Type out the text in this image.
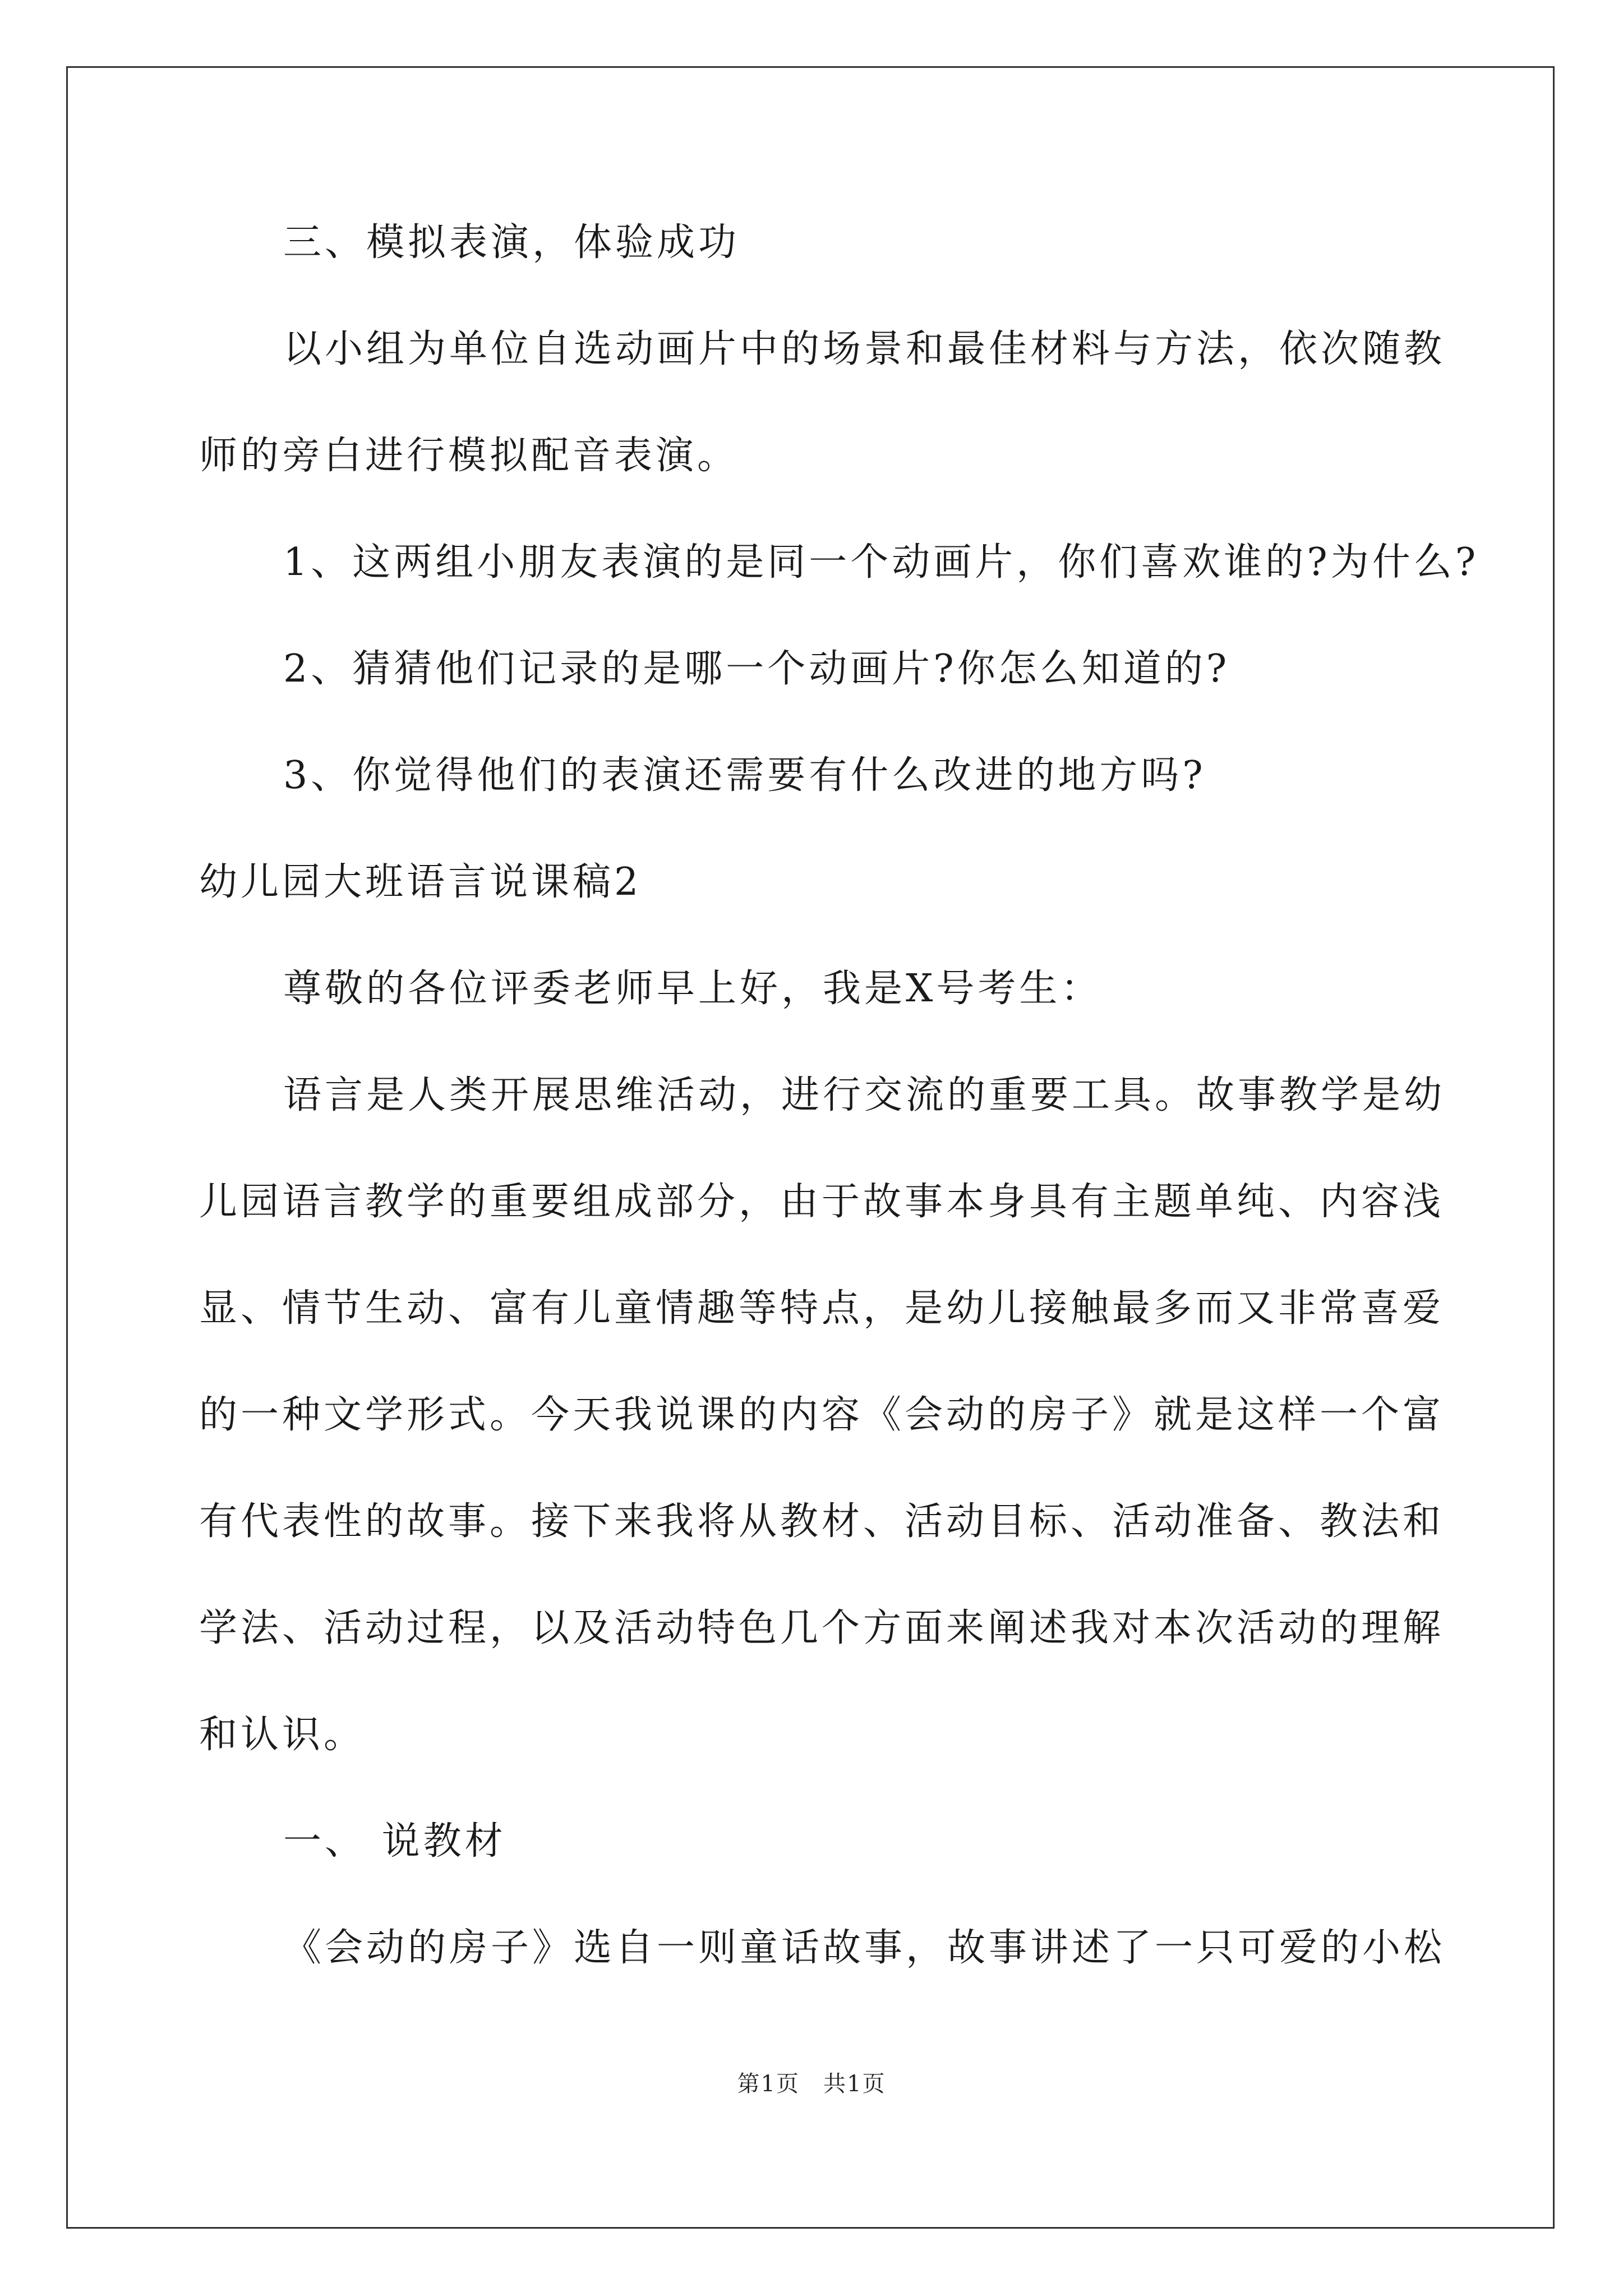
三、模拟表演，体验成功
以小组为单位自选动画片中的场景和最佳材料与方法，依次随教
师的旁白进行模拟配音表演。
1、这两组小朋友表演的是同一个动画片，你们喜欢谁的?为什么?
2、猜猜他们记录的是哪一个动画片?你怎么知道的?
3、你觉得他们的表演还需要有什么改进的地方吗?
幼儿园大班语言说课稿2
尊敬的各位评委老师早上好，我是X号考生：
语言是人类开展思维活动，进行交流的重要工具。故事教学是幼
儿园语言教学的重要组成部分，由于故事本身具有主题单纯、内容浅
显、情节生动、富有儿童情趣等特点，是幼儿接触最多而又非常喜爱
的一种文学形式。今天我说课的内容《会动的房子》就是这样一个富
有代表性的故事。接下来我将从教材、活动目标、活动准备、教法和
学法、活动过程，以及活动特色几个方面来阐述我对本次活动的理解
和认识。
一、 说教材
《会动的房子》选自一则童话故事，故事讲述了一只可爱的小松
第1页　共1页
